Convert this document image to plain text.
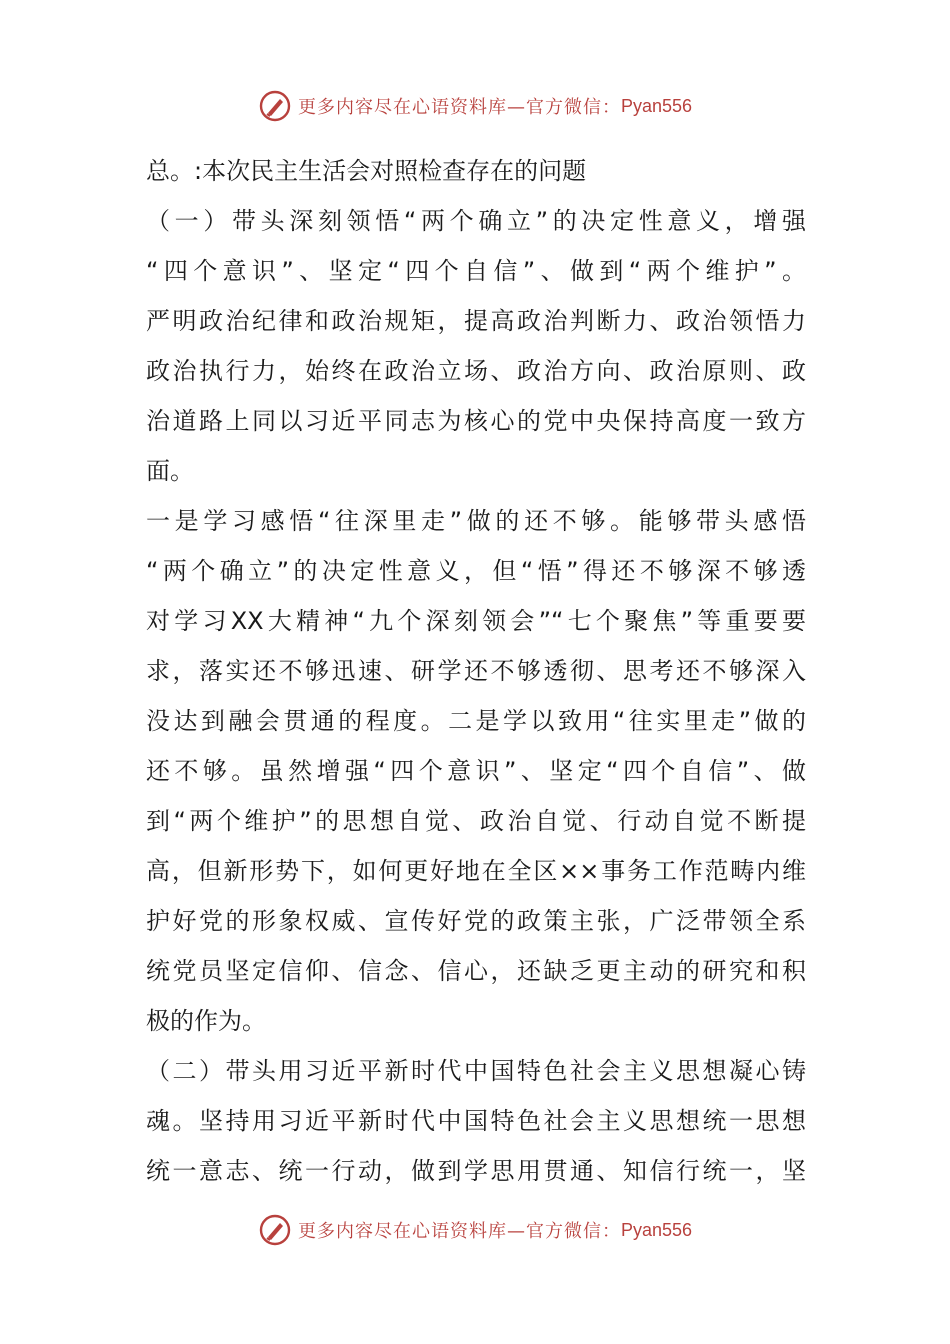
更多内容尽在心语资料库—官方微信： Pyan556
总。:本次民主生活会对照检查存在的问题
（一）带头深刻领悟“两个确立”的决定性意义，增强
“四个意识”、坚定“四个自信”、做到“两个维护”。
严明政治纪律和政治规矩，提高政治判断力、政治领悟力
政治执行力，始终在政治立场、政治方向、政治原则、政
治道路上同以习近平同志为核心的党中央保持高度一致方
面。
一是学习感悟“往深里走”做的还不够。能够带头感悟
“两个确立”的决定性意义，但“悟”得还不够深不够透
对学习XX大精神“九个深刻领会”“七个聚焦”等重要要
求，落实还不够迅速、研学还不够透彻、思考还不够深入
没达到融会贯通的程度。二是学以致用“往实里走”做的
还不够。虽然增强“四个意识”、坚定“四个自信”、做
到“两个维护”的思想自觉、政治自觉、行动自觉不断提
高，但新形势下，如何更好地在全区××事务工作范畴内维
护好党的形象权威、宣传好党的政策主张，广泛带领全系
统党员坚定信仰、信念、信心，还缺乏更主动的研究和积
极的作为。
（二）带头用习近平新时代中国特色社会主义思想凝心铸
魂。坚持用习近平新时代中国特色社会主义思想统一思想
统一意志、统一行动，做到学思用贯通、知信行统一，坚
更多内容尽在心语资料库—官方微信： Pyan556
